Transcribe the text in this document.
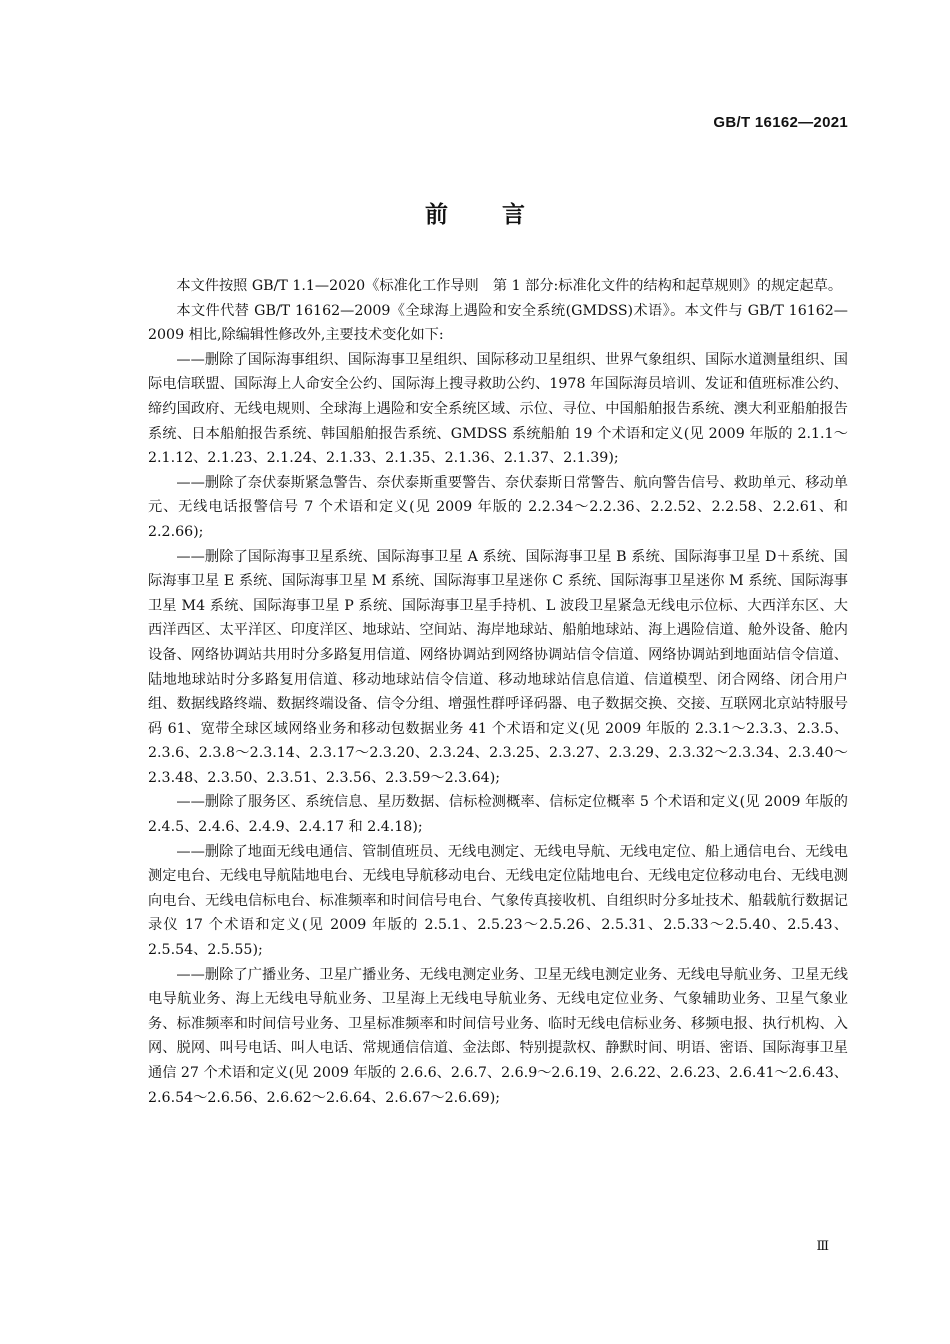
GB/T 16162—2021
前言

本文件按照 GB/T 1.1—2020《标准化工作导则　第 1 部分:标准化文件的结构和起草规则》的规定起草。

本文件代替 GB/T 16162—2009《全球海上遇险和安全系统(GMDSS)术语》。本文件与 GB/T 16162—2009 相比,除编辑性修改外,主要技术变化如下:

——删除了国际海事组织、国际海事卫星组织、国际移动卫星组织、世界气象组织、国际水道测量组织、国际电信联盟、国际海上人命安全公约、国际海上搜寻救助公约、1978 年国际海员培训、发证和值班标准公约、缔约国政府、无线电规则、全球海上遇险和安全系统区域、示位、寻位、中国船舶报告系统、澳大利亚船舶报告系统、日本船舶报告系统、韩国船舶报告系统、GMDSS 系统船舶 19 个术语和定义(见 2009 年版的 2.1.1～2.1.12、2.1.23、2.1.24、2.1.33、2.1.35、2.1.36、2.1.37、2.1.39);

——删除了奈伏泰斯紧急警告、奈伏泰斯重要警告、奈伏泰斯日常警告、航向警告信号、救助单元、移动单元、无线电话报警信号 7 个术语和定义(见 2009 年版的 2.2.34～2.2.36、2.2.52、2.2.58、2.2.61、和 2.2.66);

——删除了国际海事卫星系统、国际海事卫星 A 系统、国际海事卫星 B 系统、国际海事卫星 D＋系统、国际海事卫星 E 系统、国际海事卫星 M 系统、国际海事卫星迷你 C 系统、国际海事卫星迷你 M 系统、国际海事卫星 M4 系统、国际海事卫星 P 系统、国际海事卫星手持机、L 波段卫星紧急无线电示位标、大西洋东区、大西洋西区、太平洋区、印度洋区、地球站、空间站、海岸地球站、船舶地球站、海上遇险信道、舱外设备、舱内设备、网络协调站共用时分多路复用信道、网络协调站到网络协调站信令信道、网络协调站到地面站信令信道、陆地地球站时分多路复用信道、移动地球站信令信道、移动地球站信息信道、信道模型、闭合网络、闭合用户组、数据线路终端、数据终端设备、信令分组、增强性群呼译码器、电子数据交换、交接、互联网北京站特服号码 61、宽带全球区域网络业务和移动包数据业务 41 个术语和定义(见 2009 年版的 2.3.1～2.3.3、2.3.5、2.3.6、2.3.8～2.3.14、2.3.17～2.3.20、2.3.24、2.3.25、2.3.27、2.3.29、2.3.32～2.3.34、2.3.40～2.3.48、2.3.50、2.3.51、2.3.56、2.3.59～2.3.64);

——删除了服务区、系统信息、星历数据、信标检测概率、信标定位概率 5 个术语和定义(见 2009 年版的 2.4.5、2.4.6、2.4.9、2.4.17 和 2.4.18);

——删除了地面无线电通信、管制值班员、无线电测定、无线电导航、无线电定位、船上通信电台、无线电测定电台、无线电导航陆地电台、无线电导航移动电台、无线电定位陆地电台、无线电定位移动电台、无线电测向电台、无线电信标电台、标准频率和时间信号电台、气象传真接收机、自组织时分多址技术、船载航行数据记录仪 17 个术语和定义(见 2009 年版的 2.5.1、2.5.23～2.5.26、2.5.31、2.5.33～2.5.40、2.5.43、2.5.54、2.5.55);

——删除了广播业务、卫星广播业务、无线电测定业务、卫星无线电测定业务、无线电导航业务、卫星无线电导航业务、海上无线电导航业务、卫星海上无线电导航业务、无线电定位业务、气象辅助业务、卫星气象业务、标准频率和时间信号业务、卫星标准频率和时间信号业务、临时无线电信标业务、移频电报、执行机构、入网、脱网、叫号电话、叫人电话、常规通信信道、金法郎、特别提款权、静默时间、明语、密语、国际海事卫星通信 27 个术语和定义(见 2009 年版的 2.6.6、2.6.7、2.6.9～2.6.19、2.6.22、2.6.23、2.6.41～2.6.43、2.6.54～2.6.56、2.6.62～2.6.64、2.6.67～2.6.69);

Ⅲ
